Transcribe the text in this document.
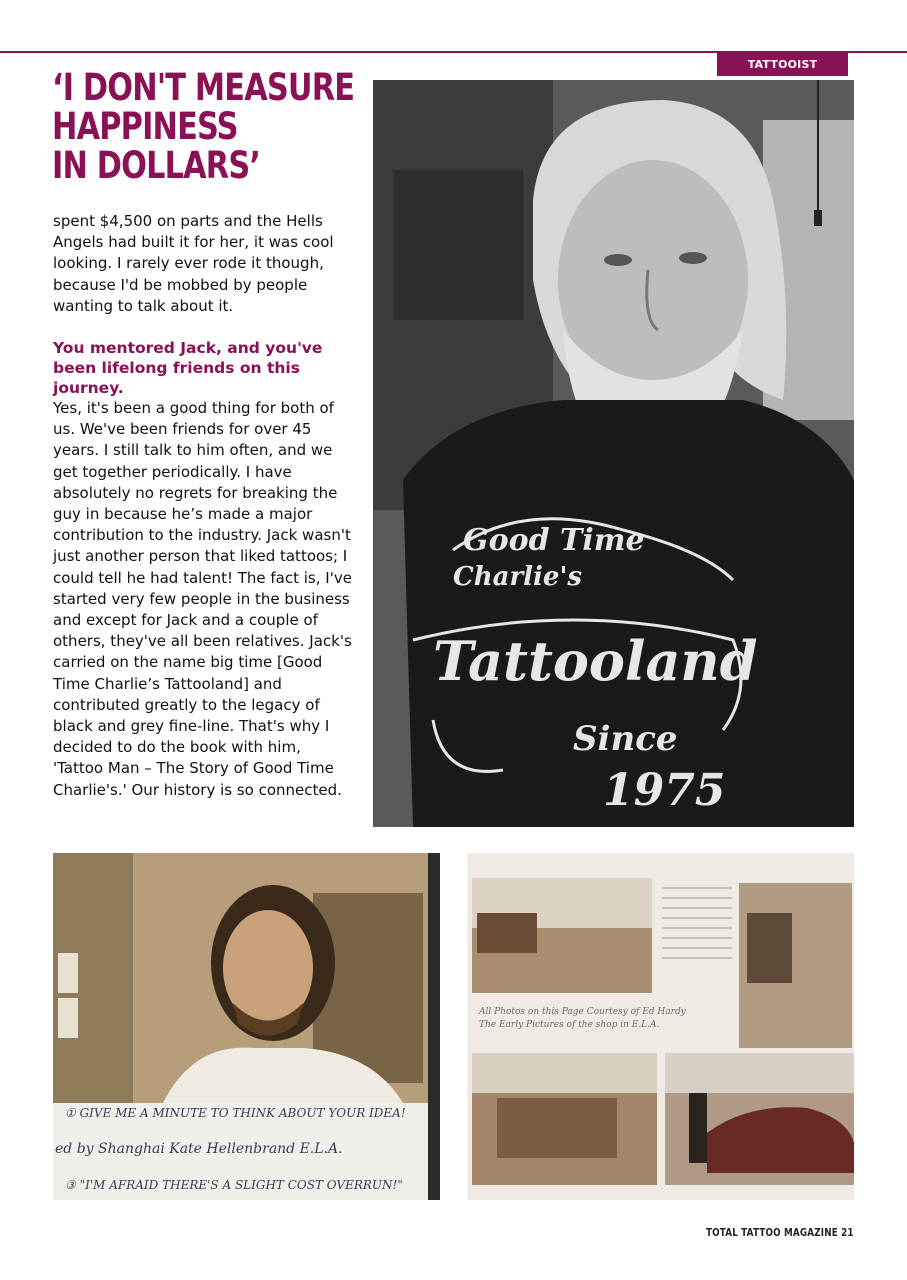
TATTOOIST
‘I DON'T MEASURE
HAPPINESS
IN DOLLARS’

spent $4,500 on parts and the Hells Angels had built it for her, it was cool looking. I rarely ever rode it though, because I'd be mobbed by people wanting to talk about it.

You mentored Jack, and you've been lifelong friends on this journey.

Yes, it's been a good thing for both of us. We've been friends for over 45 years. I still talk to him often, and we get together periodically. I have absolutely no regrets for breaking the guy in because he’s made a major contribution to the industry. Jack wasn't just another person that liked tattoos; I could tell he had talent! The fact is, I've started very few people in the business and except for Jack and a couple of others, they've all been relatives. Jack's carried on the name big time [Good Time Charlie’s Tattooland] and contributed greatly to the legacy of black and grey fine-line. That's why I decided to do the book with him, 'Tattoo Man – The Story of Good Time Charlie's.' Our history is so connected.

Good Time
Charlie's
Tattooland
Since
1975
① GIVE ME A MINUTE TO THINK ABOUT YOUR IDEA!
ed by Shanghai Kate Hellenbrand E.L.A.
③ "I'M AFRAID THERE'S A SLIGHT COST OVERRUN!"
All Photos on this Page Courtesy of Ed Hardy
The Early Pictures of the shop in E.L.A.
TOTAL TATTOO MAGAZINE 21
